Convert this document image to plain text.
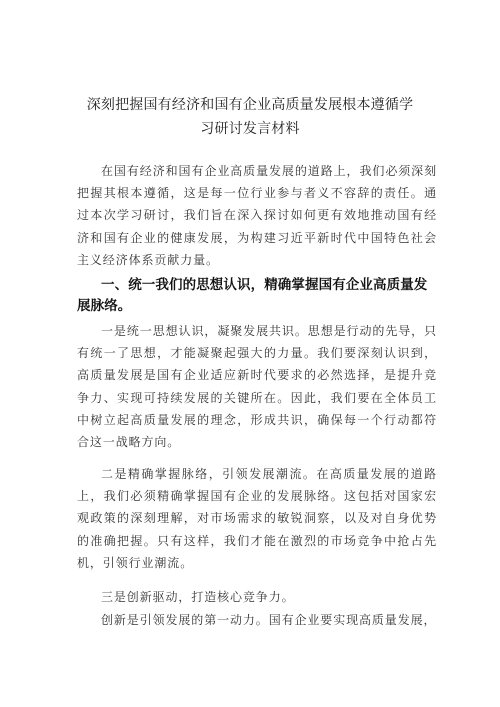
深刻把握国有经济和国有企业高质量发展根本遵循学
习研讨发言材料
在国有经济和国有企业高质量发展的道路上，我们必须深刻把握其根本遵循，这是每一位行业参与者义不容辞的责任。通过本次学习研讨，我们旨在深入探讨如何更有效地推动国有经济和国有企业的健康发展，为构建习近平新时代中国特色社会主义经济体系贡献力量。
一、统一我们的思想认识，精确掌握国有企业高质量发展脉络。
一是统一思想认识，凝聚发展共识。思想是行动的先导，只有统一了思想，才能凝聚起强大的力量。我们要深刻认识到，高质量发展是国有企业适应新时代要求的必然选择，是提升竞争力、实现可持续发展的关键所在。因此，我们要在全体员工中树立起高质量发展的理念，形成共识，确保每一个行动都符合这一战略方向。
二是精确掌握脉络，引领发展潮流。在高质量发展的道路上，我们必须精确掌握国有企业的发展脉络。这包括对国家宏观政策的深刻理解，对市场需求的敏锐洞察，以及对自身优势的准确把握。只有这样，我们才能在激烈的市场竞争中抢占先机，引领行业潮流。
三是创新驱动，打造核心竞争力。
创新是引领发展的第一动力。国有企业要实现高质量发展，
